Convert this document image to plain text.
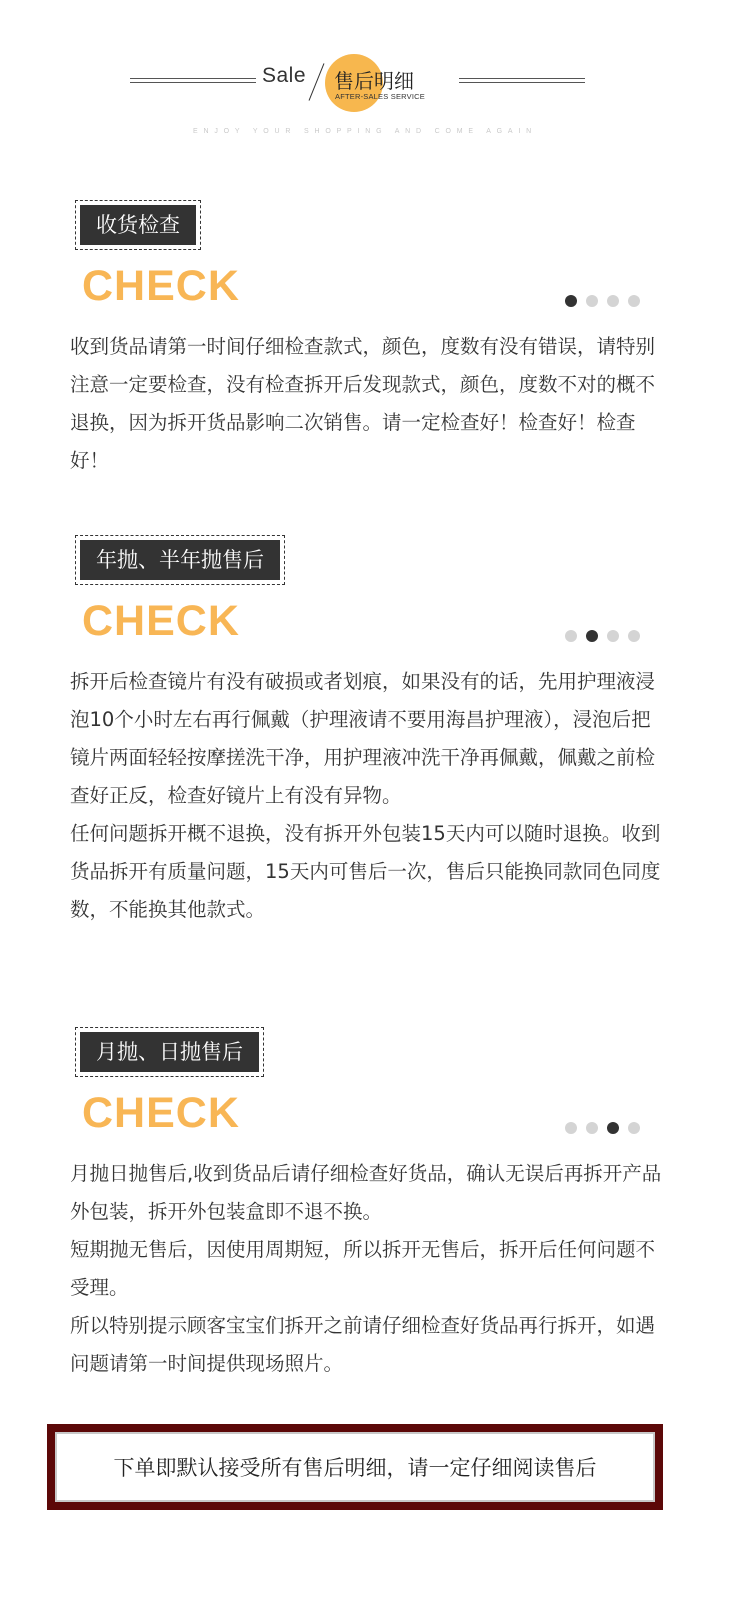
Sale 售后明细
AFTER-SALES SERVICE
ENJOY YOUR SHOPPING AND COME AGAIN
收货检查
CHECK

收到货品请第一时间仔细检查款式，颜色，度数有没有错误，请特别注意一定要检查，没有检查拆开后发现款式，颜色，度数不对的概不退换，因为拆开货品影响二次销售。请一定检查好！检查好！检查好！

年抛、半年抛售后
CHECK

拆开后检查镜片有没有破损或者划痕，如果没有的话，先用护理液浸泡10个小时左右再行佩戴（护理液请不要用海昌护理液），浸泡后把镜片两面轻轻按摩搓洗干净，用护理液冲洗干净再佩戴，佩戴之前检查好正反，检查好镜片上有没有异物。

任何问题拆开概不退换，没有拆开外包装15天内可以随时退换。收到货品拆开有质量问题，15天内可售后一次，售后只能换同款同色同度数，不能换其他款式。

月抛、日抛售后
CHECK

月抛日抛售后,收到货品后请仔细检查好货品，确认无误后再拆开产品外包装，拆开外包装盒即不退不换。

短期抛无售后，因使用周期短，所以拆开无售后，拆开后任何问题不受理。

所以特别提示顾客宝宝们拆开之前请仔细检查好货品再行拆开，如遇问题请第一时间提供现场照片。

下单即默认接受所有售后明细，请一定仔细阅读售后
